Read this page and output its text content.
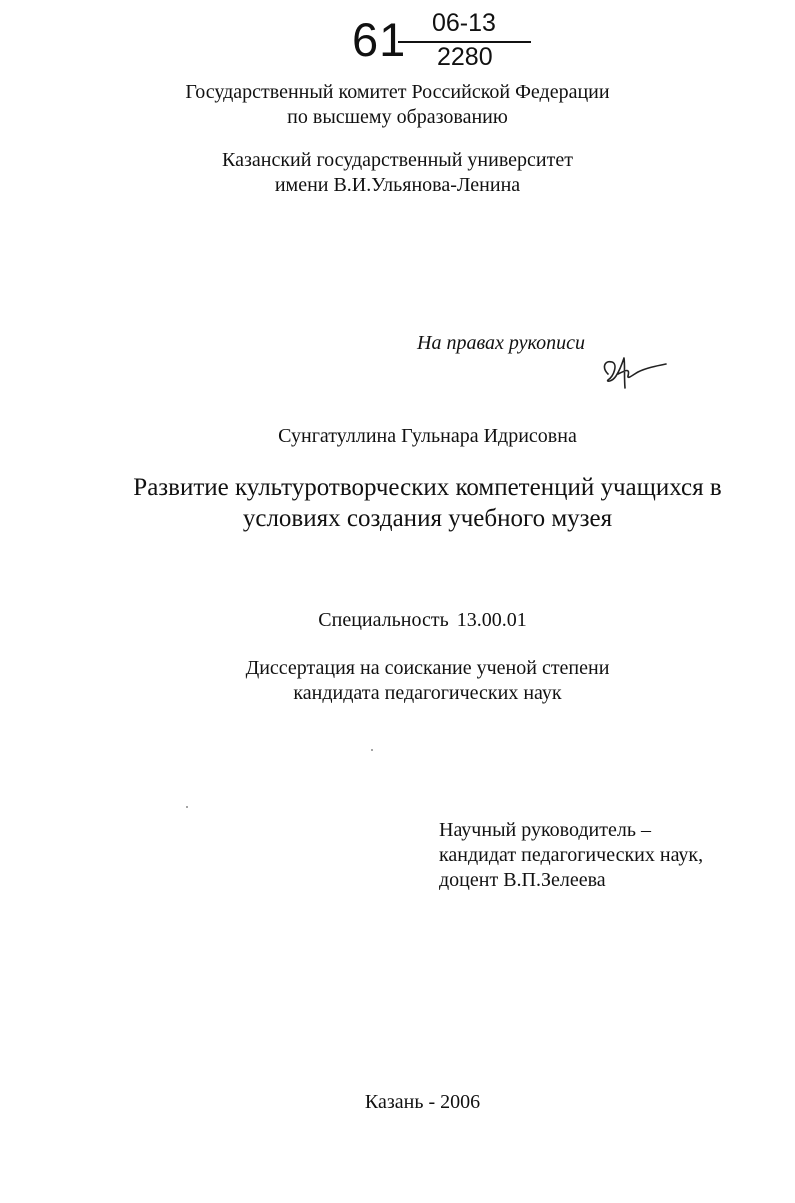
61 06-13
2280
Государственный комитет Российской Федерации
по высшему образованию
Казанский государственный университет
имени В.И.Ульянова-Ленина
На правах рукописи
Сунгатуллина Гульнара Идрисовна
Развитие культуротворческих компетенций учащихся в
условиях создания учебного музея
Специальность 13.00.01
Диссертация на соискание ученой степени
кандидата педагогических наук
Научный руководитель –
кандидат педагогических наук,
доцент В.П.Зелеева
Казань - 2006
